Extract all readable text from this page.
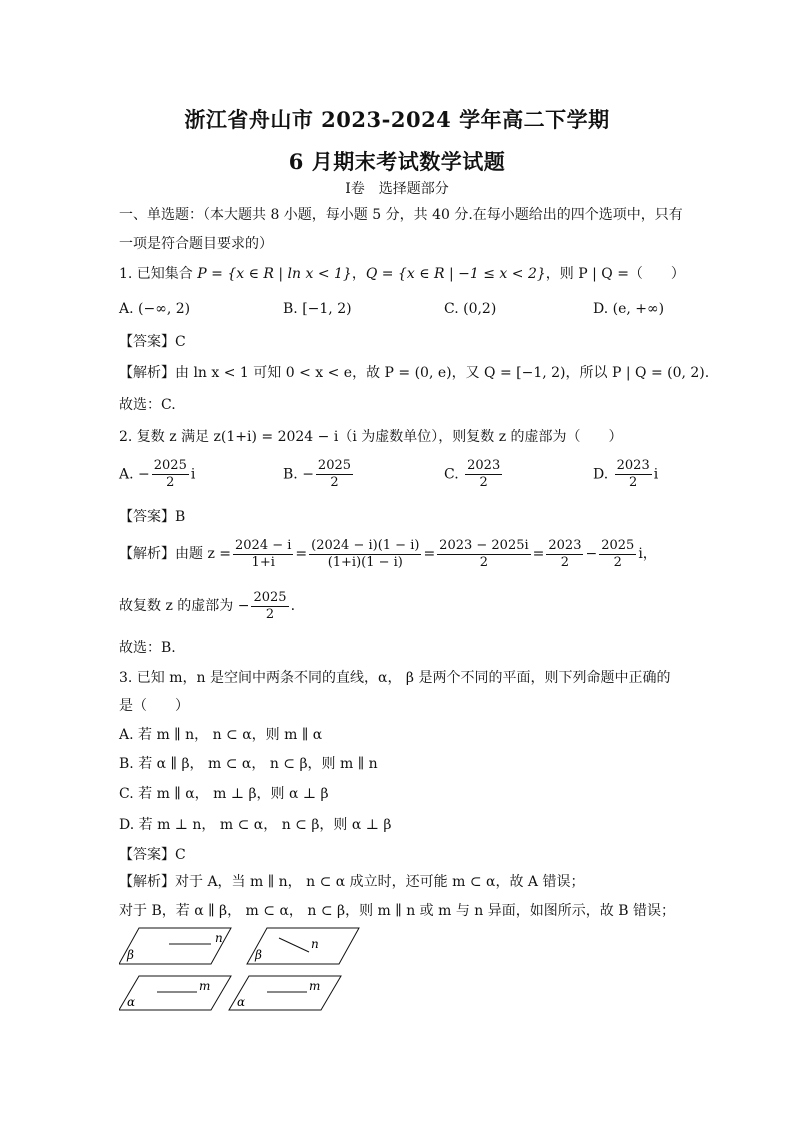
浙江省舟山市 2023-2024 学年高二下学期
6 月期末考试数学试题
Ⅰ卷　选择题部分
一、单选题：（本大题共 8 小题，每小题 5 分，共 40 分.在每小题给出的四个选项中，只有
一项是符合题目要求的）
1. 已知集合 P = {x ∈ R | ln x < 1}，Q = {x ∈ R | −1 ≤ x < 2}，则 P | Q =（　　）
A. (−∞, 2)	B. [−1, 2)	C. (0,2)	D. (e, +∞)
【答案】C
【解析】由 ln x < 1 可知 0 < x < e，故 P = (0, e)，又 Q = [−1, 2)，所以 P | Q = (0, 2).
故选：C.
2. 复数 z 满足 z(1+i) = 2024 − i（i 为虚数单位），则复数 z 的虚部为（　　）
A. − $\frac{2025}{2}$ i	B. − $\frac{2025}{2}$	C. $\frac{2023}{2}$	D. $\frac{2023}{2}$ i
【答案】B
【解析】由题 $z = \frac{2024 - i}{1+i} = \frac{(2024 - i)(1 - i)}{(1+i)(1 - i)} = \frac{2023 - 2025i}{2} = \frac{2023}{2} - \frac{2025}{2}$ i，
故复数 z 的虚部为 − $\frac{2025}{2}$ .
故选：B.
3. 已知 m，n 是空间中两条不同的直线，α， β 是两个不同的平面，则下列命题中正确的
是（　　）
A. 若 m ∥ n， n ⊂ α，则 m ∥ α
B. 若 α ∥ β， m ⊂ α， n ⊂ β，则 m ∥ n
C. 若 m ∥ α， m ⊥ β，则 α ⊥ β
D. 若 m ⊥ n， m ⊂ α， n ⊂ β，则 α ⊥ β
【答案】C
【解析】对于 A，当 m ∥ n， n ⊂ α 成立时，还可能 m ⊂ α，故 A 错误；
对于 B，若 α ∥ β， m ⊂ α， n ⊂ β，则 m ∥ n 或 m 与 n 异面，如图所示，故 B 错误；
β
n
β
n
α
m
α
m
